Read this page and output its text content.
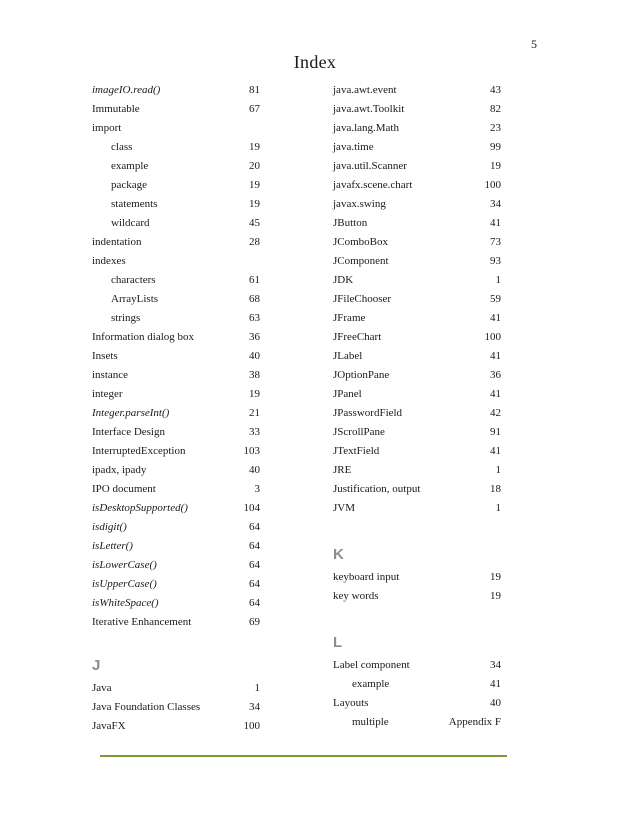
5
Index
imageIO.read()	81
Immutable	67
import
class	19
example	20
package	19
statements	19
wildcard	45
indentation	28
indexes
characters	61
ArrayLists	68
strings	63
Information dialog box	36
Insets	40
instance	38
integer	19
Integer.parseInt()	21
Interface Design	33
InterruptedException	103
ipadx, ipady	40
IPO document	3
isDesktopSupported()	104
isdigit()	64
isLetter()	64
isLowerCase()	64
isUpperCase()	64
isWhiteSpace()	64
Iterative Enhancement	69
J
Java	1
Java Foundation Classes	34
JavaFX	100
java.awt.event	43
java.awt.Toolkit	82
java.lang.Math	23
java.time	99
java.util.Scanner	19
javafx.scene.chart	100
javax.swing	34
JButton	41
JComboBox	73
JComponent	93
JDK	1
JFileChooser	59
JFrame	41
JFreeChart	100
JLabel	41
JOptionPane	36
JPanel	41
JPasswordField	42
JScrollPane	91
JTextField	41
JRE	1
Justification, output	18
JVM	1
K
keyboard input	19
key words	19
L
Label component	34
example	41
Layouts	40
multiple	Appendix F
